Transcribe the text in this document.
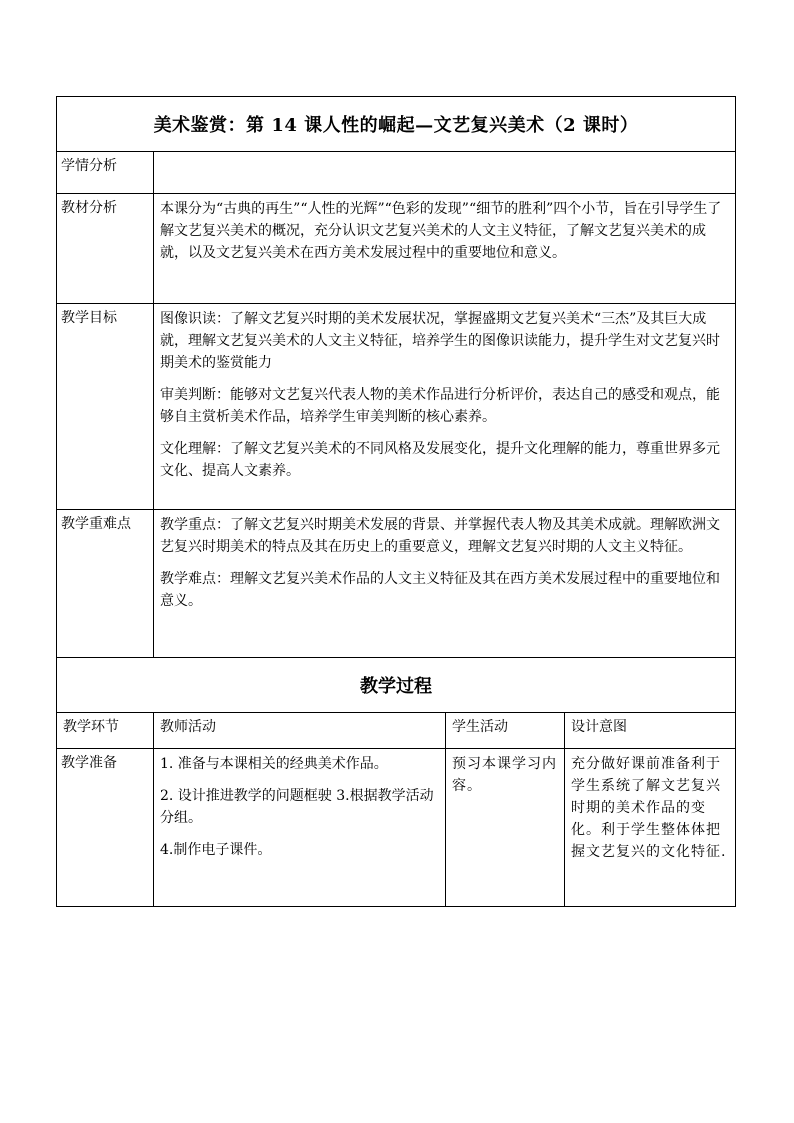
美术鉴赏：第 14 课人性的崛起—文艺复兴美术（2 课时）			
学情分析			
教材分析	本课分为“古典的再生”“人性的光辉”“色彩的发现”“细节的胜利”四个小节，旨在引导学生了解文艺复兴美术的概况，充分认识文艺复兴美术的人文主义特征，了解文艺复兴美术的成就，以及文艺复兴美术在西方美术发展过程中的重要地位和意义。		

教学目标	图像识读：了解文艺复兴时期的美术发展状况，掌握盛期文艺复兴美术“三杰”及其巨大成就，理解文艺复兴美术的人文主义特征，培养学生的图像识读能力，提升学生对文艺复兴时期美术的鉴赏能力

审美判断：能够对文艺复兴代表人物的美术作品进行分析评价，表达自己的感受和观点，能够自主赏析美术作品，培养学生审美判断的核心素养。

文化理解：了解文艺复兴美术的不同风格及发展变化，提升文化理解的能力，尊重世界多元文化、提高人文素养。		

教学重难点	教学重点：了解文艺复兴时期美术发展的背景、并掌握代表人物及其美术成就。理解欧洲文艺复兴时期美术的特点及其在历史上的重要意义，理解文艺复兴时期的人文主义特征。

教学难点：理解文艺复兴美术作品的人文主义特征及其在西方美术发展过程中的重要地位和意义。		

教学过程			
教学环节	教师活动	学生活动	设计意图
教学准备	1. 准备与本课相关的经典美术作品。

2. 设计推进教学的问题框驶 3.根据教学活动分组。

4.制作电子课件。	预习本课学习内容。	充分做好课前准备利于学生系统了解文艺复兴时期的美术作品的变化。利于学生整体体把握文艺复兴的文化特征.
